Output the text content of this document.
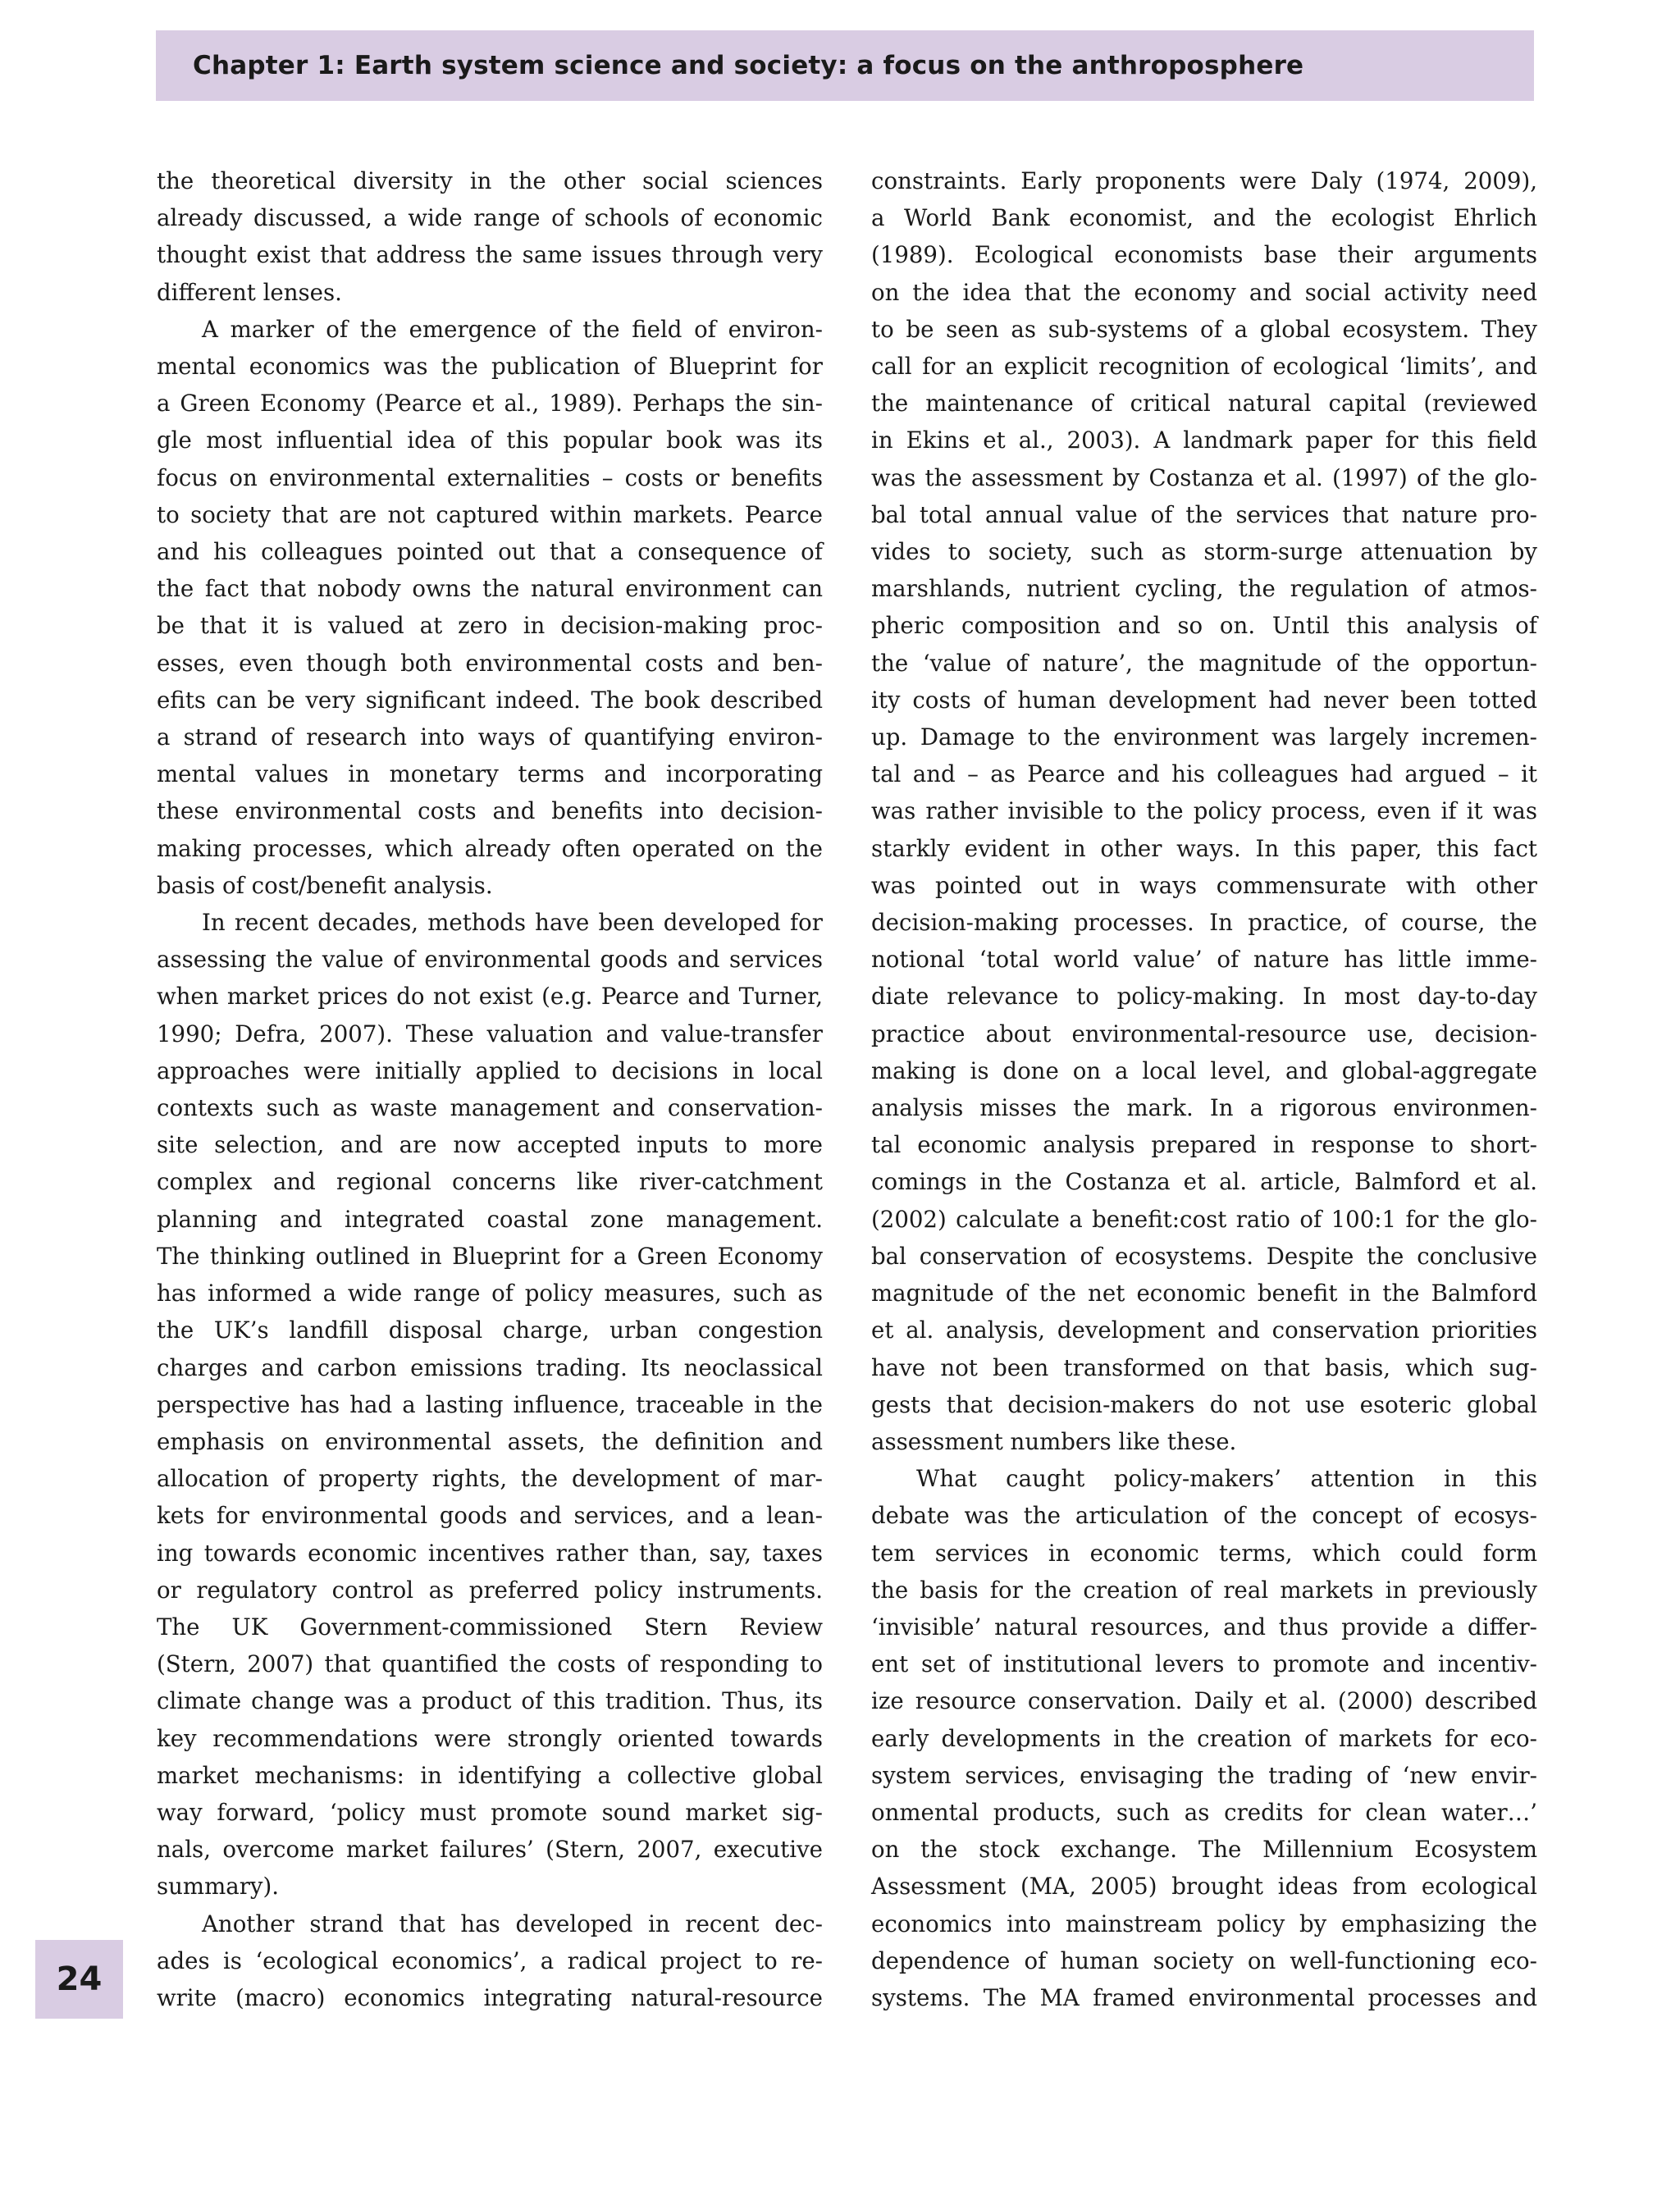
Chapter 1: Earth system science and society: a focus on the anthroposphere
the theoretical diversity in the other social sciences
already discussed, a wide range of schools of economic
thought exist that address the same issues through very
different lenses.
A marker of the emergence of the field of environ-
mental economics was the publication of Blueprint for
a Green Economy (Pearce et al., 1989). Perhaps the sin-
gle most influential idea of this popular book was its
focus on environmental externalities – costs or benefits
to society that are not captured within markets. Pearce
and his colleagues pointed out that a consequence of
the fact that nobody owns the natural environment can
be that it is valued at zero in decision-making proc-
esses, even though both environmental costs and ben-
efits can be very significant indeed. The book described
a strand of research into ways of quantifying environ-
mental values in monetary terms and incorporating
these environmental costs and benefits into decision-
making processes, which already often operated on the
basis of cost/benefit analysis.
In recent decades, methods have been developed for
assessing the value of environmental goods and services
when market prices do not exist (e.g. Pearce and Turner,
1990; Defra, 2007). These valuation and value-transfer
approaches were initially applied to decisions in local
contexts such as waste management and conservation-
site selection, and are now accepted inputs to more
complex and regional concerns like river-catchment
planning and integrated coastal zone management.
The thinking outlined in Blueprint for a Green Economy
has informed a wide range of policy measures, such as
the UK’s landfill disposal charge, urban congestion
charges and carbon emissions trading. Its neoclassical
perspective has had a lasting influence, traceable in the
emphasis on environmental assets, the definition and
allocation of property rights, the development of mar-
kets for environmental goods and services, and a lean-
ing towards economic incentives rather than, say, taxes
or regulatory control as preferred policy instruments.
The UK Government-commissioned Stern Review
(Stern, 2007) that quantified the costs of responding to
climate change was a product of this tradition. Thus, its
key recommendations were strongly oriented towards
market mechanisms: in identifying a collective global
way forward, ‘policy must promote sound market sig-
nals, overcome market failures’ (Stern, 2007, executive
summary).
Another strand that has developed in recent dec-
ades is ‘ecological economics’, a radical project to re-
write (macro) economics integrating natural-resource
constraints. Early proponents were Daly (1974, 2009),
a World Bank economist, and the ecologist Ehrlich
(1989). Ecological economists base their arguments
on the idea that the economy and social activity need
to be seen as sub-systems of a global ecosystem. They
call for an explicit recognition of ecological ‘limits’, and
the maintenance of critical natural capital (reviewed
in Ekins et al., 2003). A landmark paper for this field
was the assessment by Costanza et al. (1997) of the glo-
bal total annual value of the services that nature pro-
vides to society, such as storm-surge attenuation by
marshlands, nutrient cycling, the regulation of atmos-
pheric composition and so on. Until this analysis of
the ‘value of nature’, the magnitude of the opportun-
ity costs of human development had never been totted
up. Damage to the environment was largely incremen-
tal and – as Pearce and his colleagues had argued – it
was rather invisible to the policy process, even if it was
starkly evident in other ways. In this paper, this fact
was pointed out in ways commensurate with other
decision-making processes. In practice, of course, the
notional ‘total world value’ of nature has little imme-
diate relevance to policy-making. In most day-to-day
practice about environmental-resource use, decision-
making is done on a local level, and global-aggregate
analysis misses the mark. In a rigorous environmen-
tal economic analysis prepared in response to short-
comings in the Costanza et al. article, Balmford et al.
(2002) calculate a benefit:cost ratio of 100:1 for the glo-
bal conservation of ecosystems. Despite the conclusive
magnitude of the net economic benefit in the Balmford
et al. analysis, development and conservation priorities
have not been transformed on that basis, which sug-
gests that decision-makers do not use esoteric global
assessment numbers like these.
What caught policy-makers’ attention in this
debate was the articulation of the concept of ecosys-
tem services in economic terms, which could form
the basis for the creation of real markets in previously
‘invisible’ natural resources, and thus provide a differ-
ent set of institutional levers to promote and incentiv-
ize resource conservation. Daily et al. (2000) described
early developments in the creation of markets for eco-
system services, envisaging the trading of ‘new envir-
onmental products, such as credits for clean water…’
on the stock exchange. The Millennium Ecosystem
Assessment (MA, 2005) brought ideas from ecological
economics into mainstream policy by emphasizing the
dependence of human society on well-functioning eco-
systems. The MA framed environmental processes and
24
